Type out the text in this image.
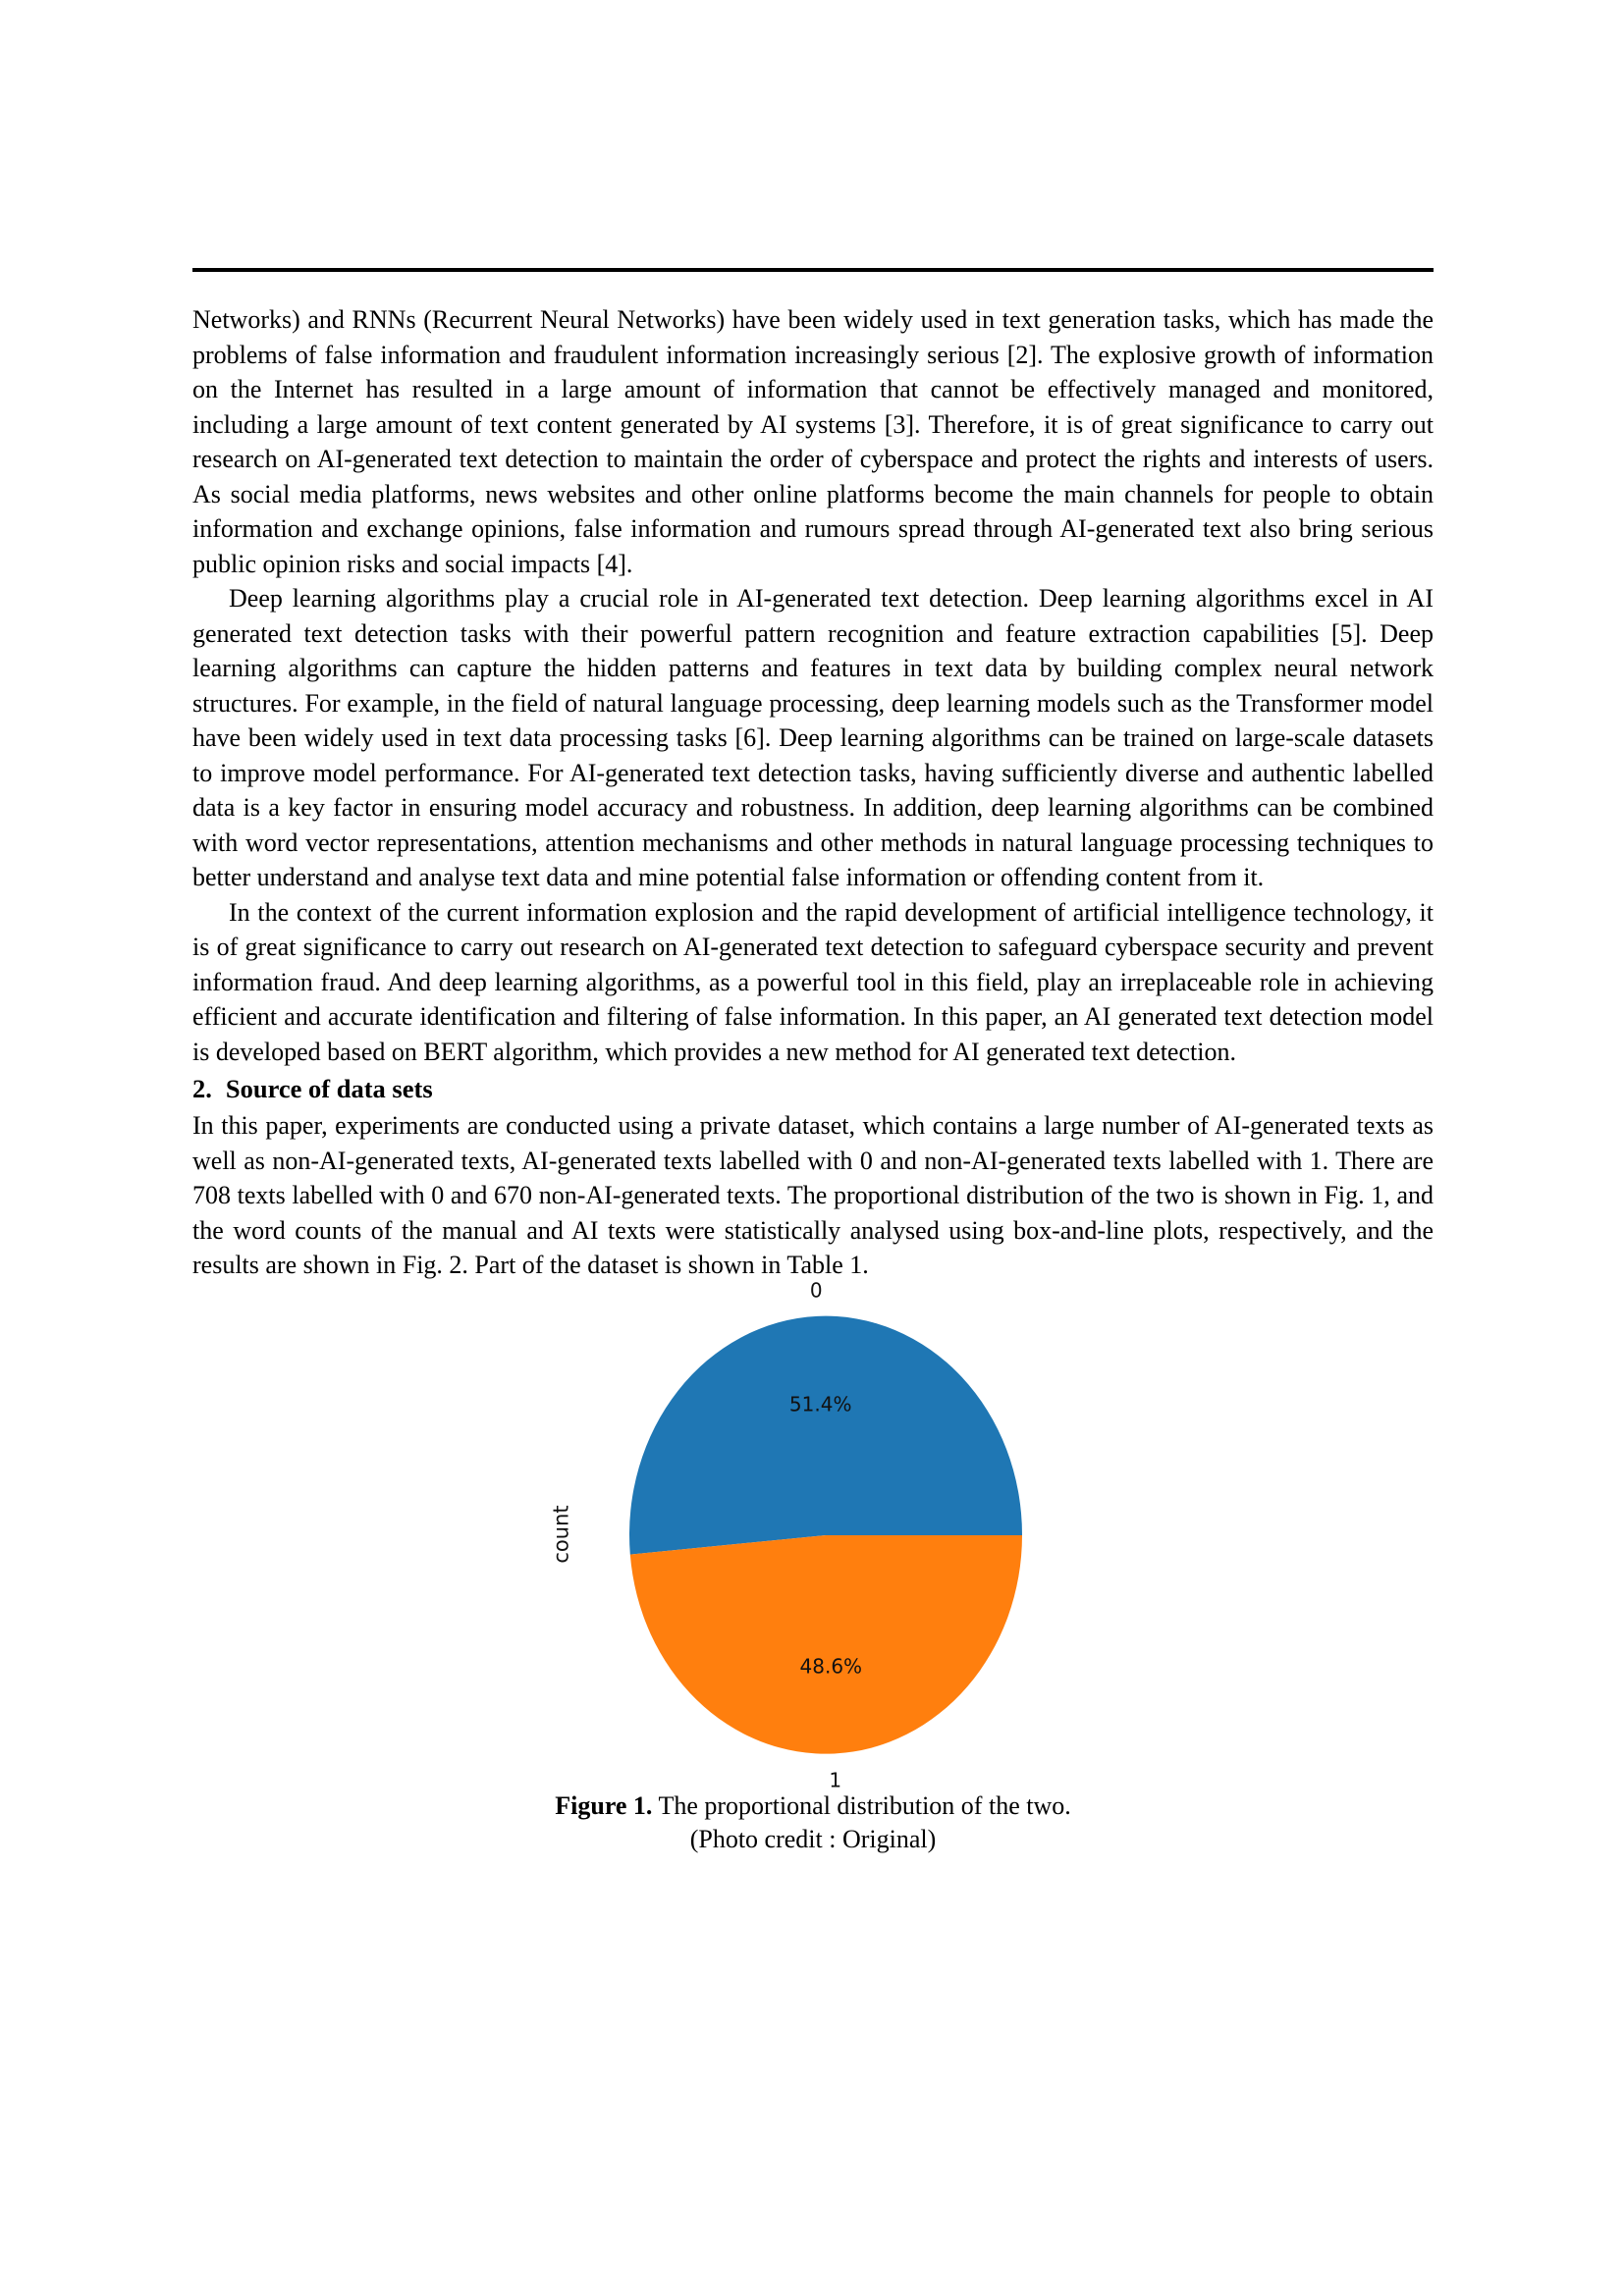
Networks) and RNNs (Recurrent Neural Networks) have been widely used in text generation tasks, which has made the problems of false information and fraudulent information increasingly serious [2]. The explosive growth of information on the Internet has resulted in a large amount of information that cannot be effectively managed and monitored, including a large amount of text content generated by AI systems [3]. Therefore, it is of great significance to carry out research on AI-generated text detection to maintain the order of cyberspace and protect the rights and interests of users. As social media platforms, news websites and other online platforms become the main channels for people to obtain information and exchange opinions, false information and rumours spread through AI-generated text also bring serious public opinion risks and social impacts [4].

Deep learning algorithms play a crucial role in AI-generated text detection. Deep learning algorithms excel in AI generated text detection tasks with their powerful pattern recognition and feature extraction capabilities [5]. Deep learning algorithms can capture the hidden patterns and features in text data by building complex neural network structures. For example, in the field of natural language processing, deep learning models such as the Transformer model have been widely used in text data processing tasks [6]. Deep learning algorithms can be trained on large-scale datasets to improve model performance. For AI-generated text detection tasks, having sufficiently diverse and authentic labelled data is a key factor in ensuring model accuracy and robustness. In addition, deep learning algorithms can be combined with word vector representations, attention mechanisms and other methods in natural language processing techniques to better understand and analyse text data and mine potential false information or offending content from it.

In the context of the current information explosion and the rapid development of artificial intelligence technology, it is of great significance to carry out research on AI-generated text detection to safeguard cyberspace security and prevent information fraud. And deep learning algorithms, as a powerful tool in this field, play an irreplaceable role in achieving efficient and accurate identification and filtering of false information. In this paper, an AI generated text detection model is developed based on BERT algorithm, which provides a new method for AI generated text detection.

2. Source of data sets

In this paper, experiments are conducted using a private dataset, which contains a large number of AI-generated texts as well as non-AI-generated texts, AI-generated texts labelled with 0 and non-AI-generated texts labelled with 1. There are 708 texts labelled with 0 and 670 non-AI-generated texts. The proportional distribution of the two is shown in Fig. 1, and the word counts of the manual and AI texts were statistically analysed using box-and-line plots, respectively, and the results are shown in Fig. 2. Part of the dataset is shown in Table 1.

51.4%
0
48.6%
1
count
Figure 1. The proportional distribution of the two.
(Photo credit : Original)
